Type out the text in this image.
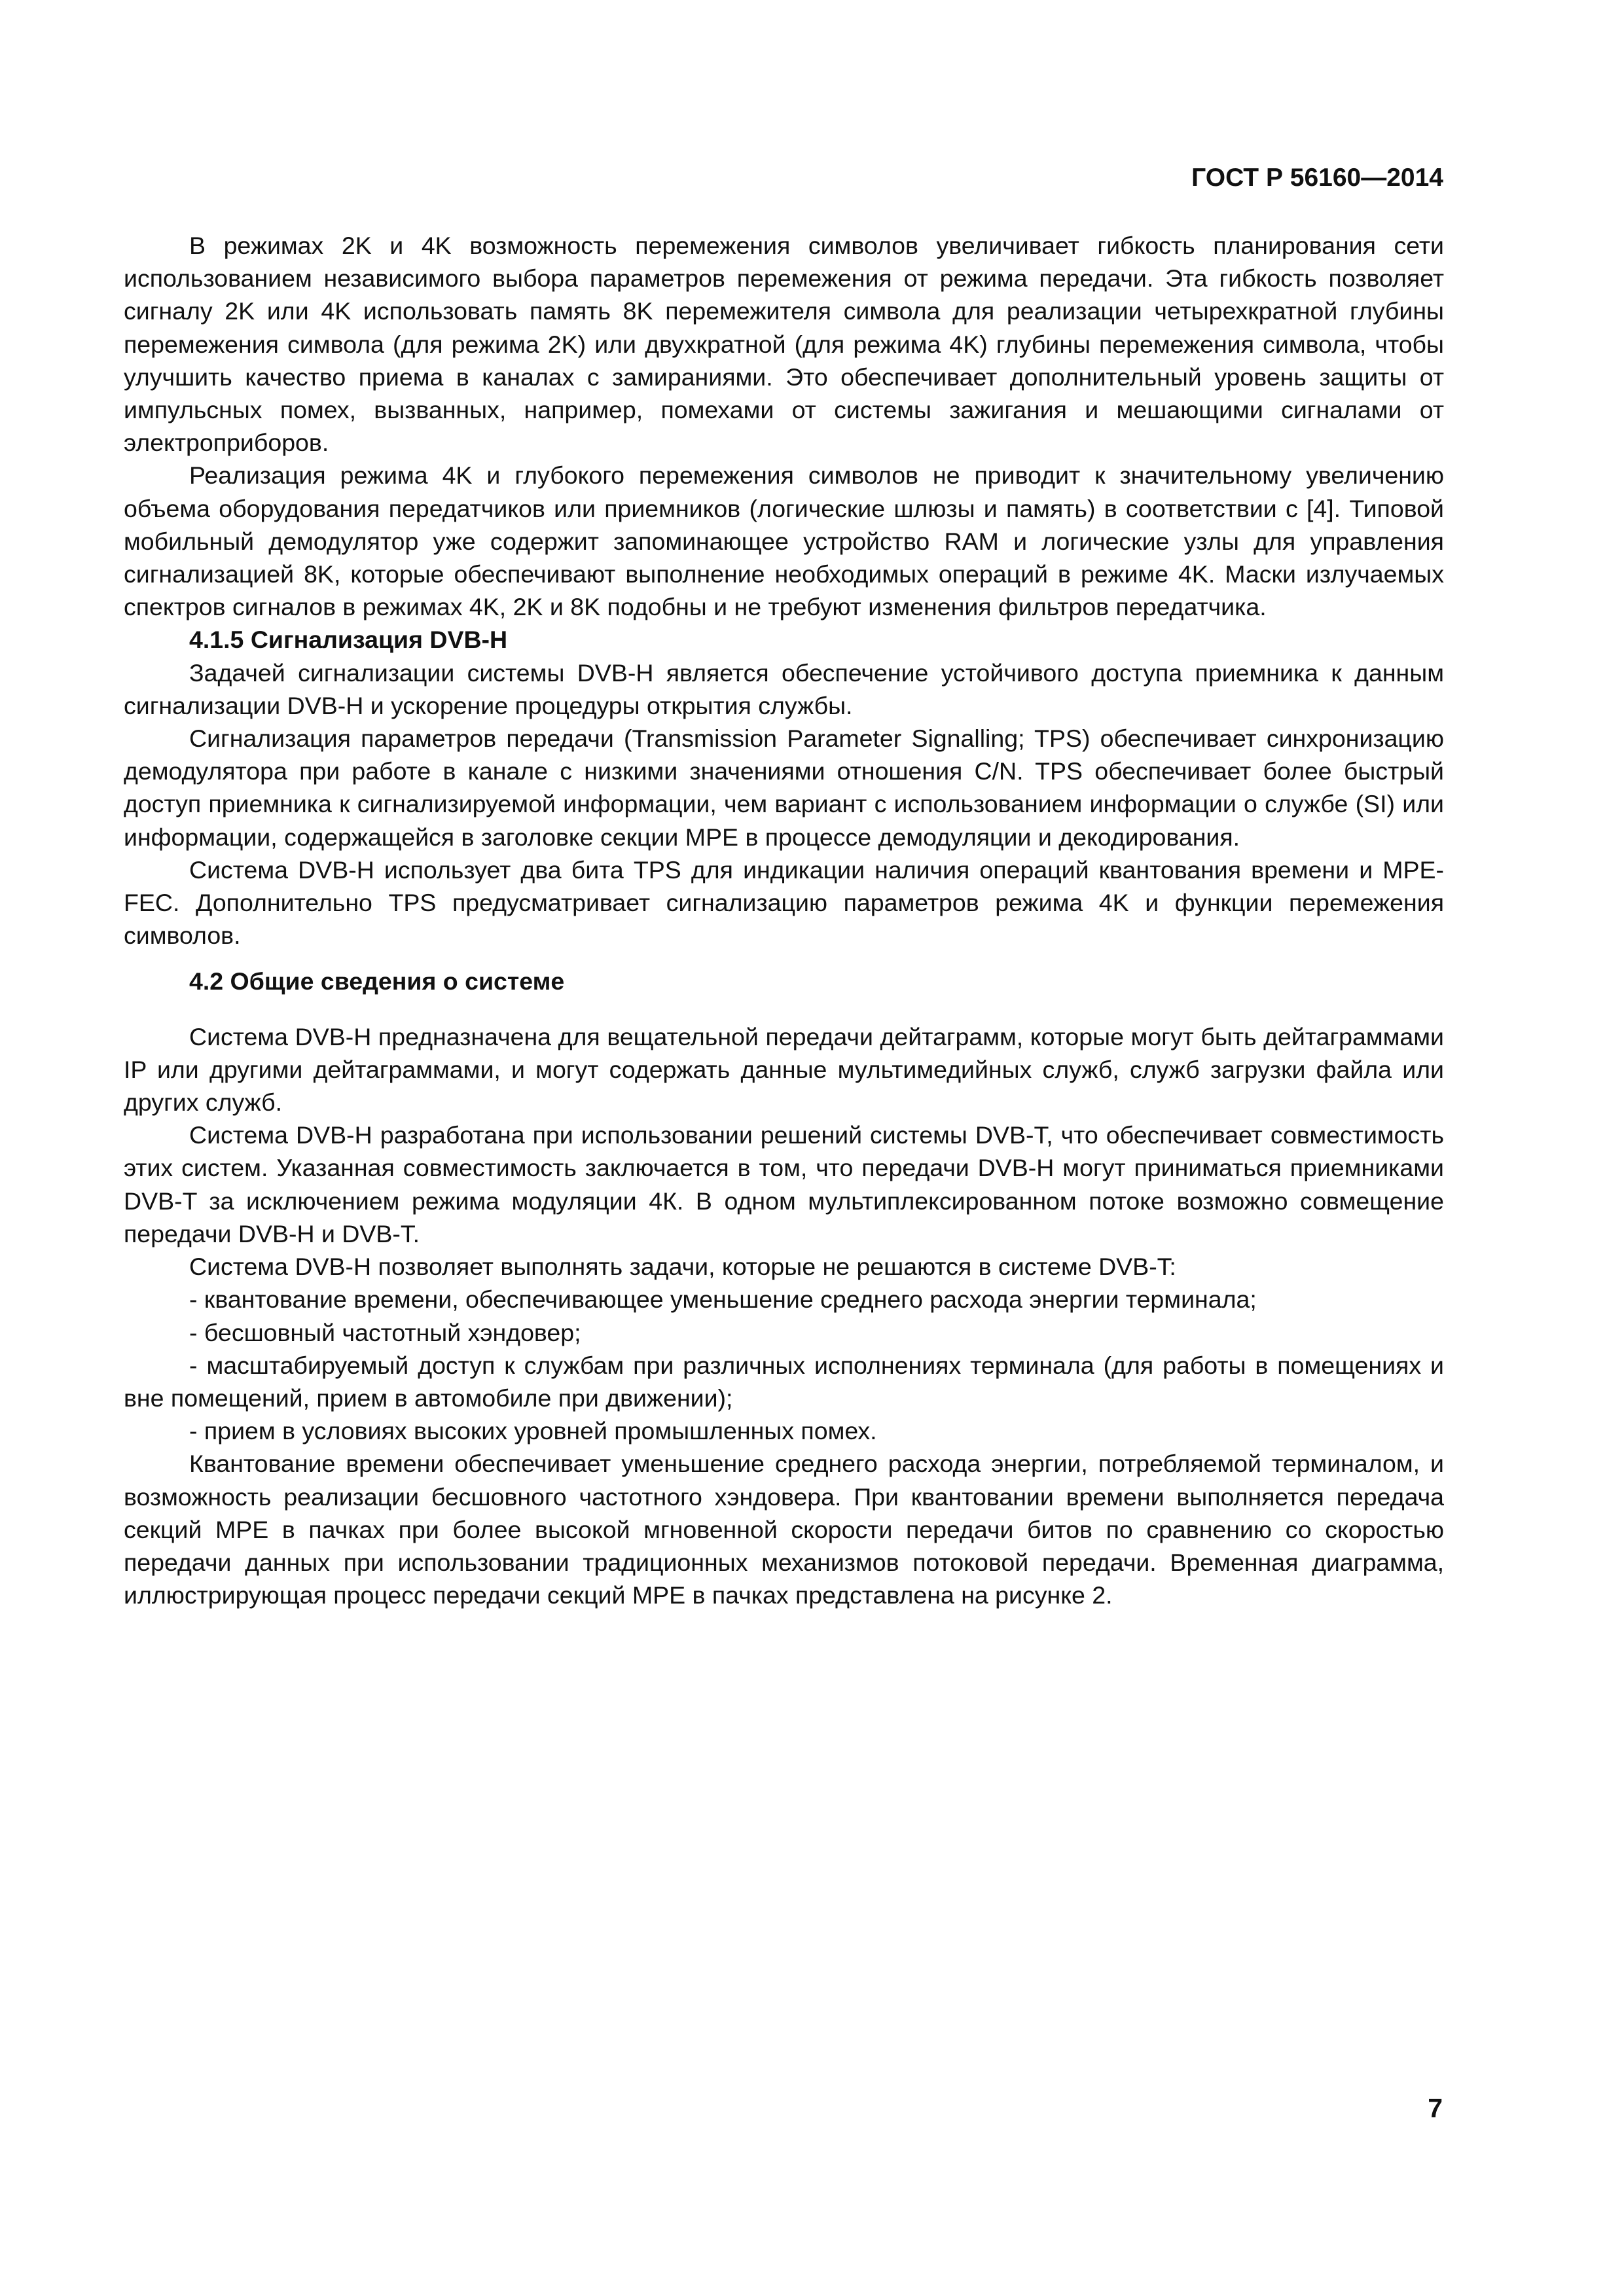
ГОСТ Р 56160—2014

В режимах 2K и 4K возможность перемежения символов увеличивает гибкость планирования сети использованием независимого выбора параметров перемежения от режима передачи. Эта гибкость позволяет сигналу 2K или 4K использовать память 8K перемежителя символа для реализации четырехкратной глубины перемежения символа (для режима 2K) или двухкратной (для режима 4K) глубины перемежения символа, чтобы улучшить качество приема в каналах с замираниями. Это обеспечивает дополнительный уровень защиты от импульсных помех, вызванных, например, помехами от системы зажигания и мешающими сигналами от электроприборов.

Реализация режима 4K и глубокого перемежения символов не приводит к значительному увеличению объема оборудования передатчиков или приемников (логические шлюзы и память) в соответствии с [4]. Типовой мобильный демодулятор уже содержит запоминающее устройство RAM и логические узлы для управления сигнализацией 8K, которые обеспечивают выполнение необходимых операций в режиме 4K. Маски излучаемых спектров сигналов в режимах 4K, 2K и 8K подобны и не требуют изменения фильтров передатчика.

4.1.5 Сигнализация DVB-H

Задачей сигнализации системы DVB-H является обеспечение устойчивого доступа приемника к данным сигнализации DVB-H и ускорение процедуры открытия службы.

Сигнализация параметров передачи (Transmission Parameter Signalling; TPS) обеспечивает синхронизацию демодулятора при работе в канале с низкими значениями отношения C/N. TPS обеспечивает более быстрый доступ приемника к сигнализируемой информации, чем вариант с использованием информации о службе (SI) или информации, содержащейся в заголовке секции MPE в процессе демодуляции и декодирования.

Система DVB-H использует два бита TPS для индикации наличия операций квантования времени и MPE-FEC. Дополнительно TPS предусматривает сигнализацию параметров режима 4K и функции перемежения символов.

4.2 Общие сведения о системе

Система DVB-H предназначена для вещательной передачи дейтаграмм, которые могут быть дейтаграммами IP или другими дейтаграммами, и могут содержать данные мультимедийных служб, служб загрузки файла или других служб.

Система DVB-H разработана при использовании решений системы DVB-T, что обеспечивает совместимость этих систем. Указанная совместимость заключается в том, что передачи DVB-H могут приниматься приемниками DVB-T за исключением режима модуляции 4К. В одном мультиплексированном потоке возможно совмещение передачи DVB-H и DVB-T.

Система DVB-H позволяет выполнять задачи, которые не решаются в системе DVB-T:

- квантование времени, обеспечивающее уменьшение среднего расхода энергии терминала;

- бесшовный частотный хэндовер;

- масштабируемый доступ к службам при различных исполнениях терминала (для работы в помещениях и вне помещений, прием в автомобиле при движении);

- прием в условиях высоких уровней промышленных помех.

Квантование времени обеспечивает уменьшение среднего расхода энергии, потребляемой терминалом, и возможность реализации бесшовного частотного хэндовера. При квантовании времени выполняется передача секций MPE в пачках при более высокой мгновенной скорости передачи битов по сравнению со скоростью передачи данных при использовании традиционных механизмов потоковой передачи. Временная диаграмма, иллюстрирующая процесс передачи секций MPE в пачках представлена на рисунке 2.

7
